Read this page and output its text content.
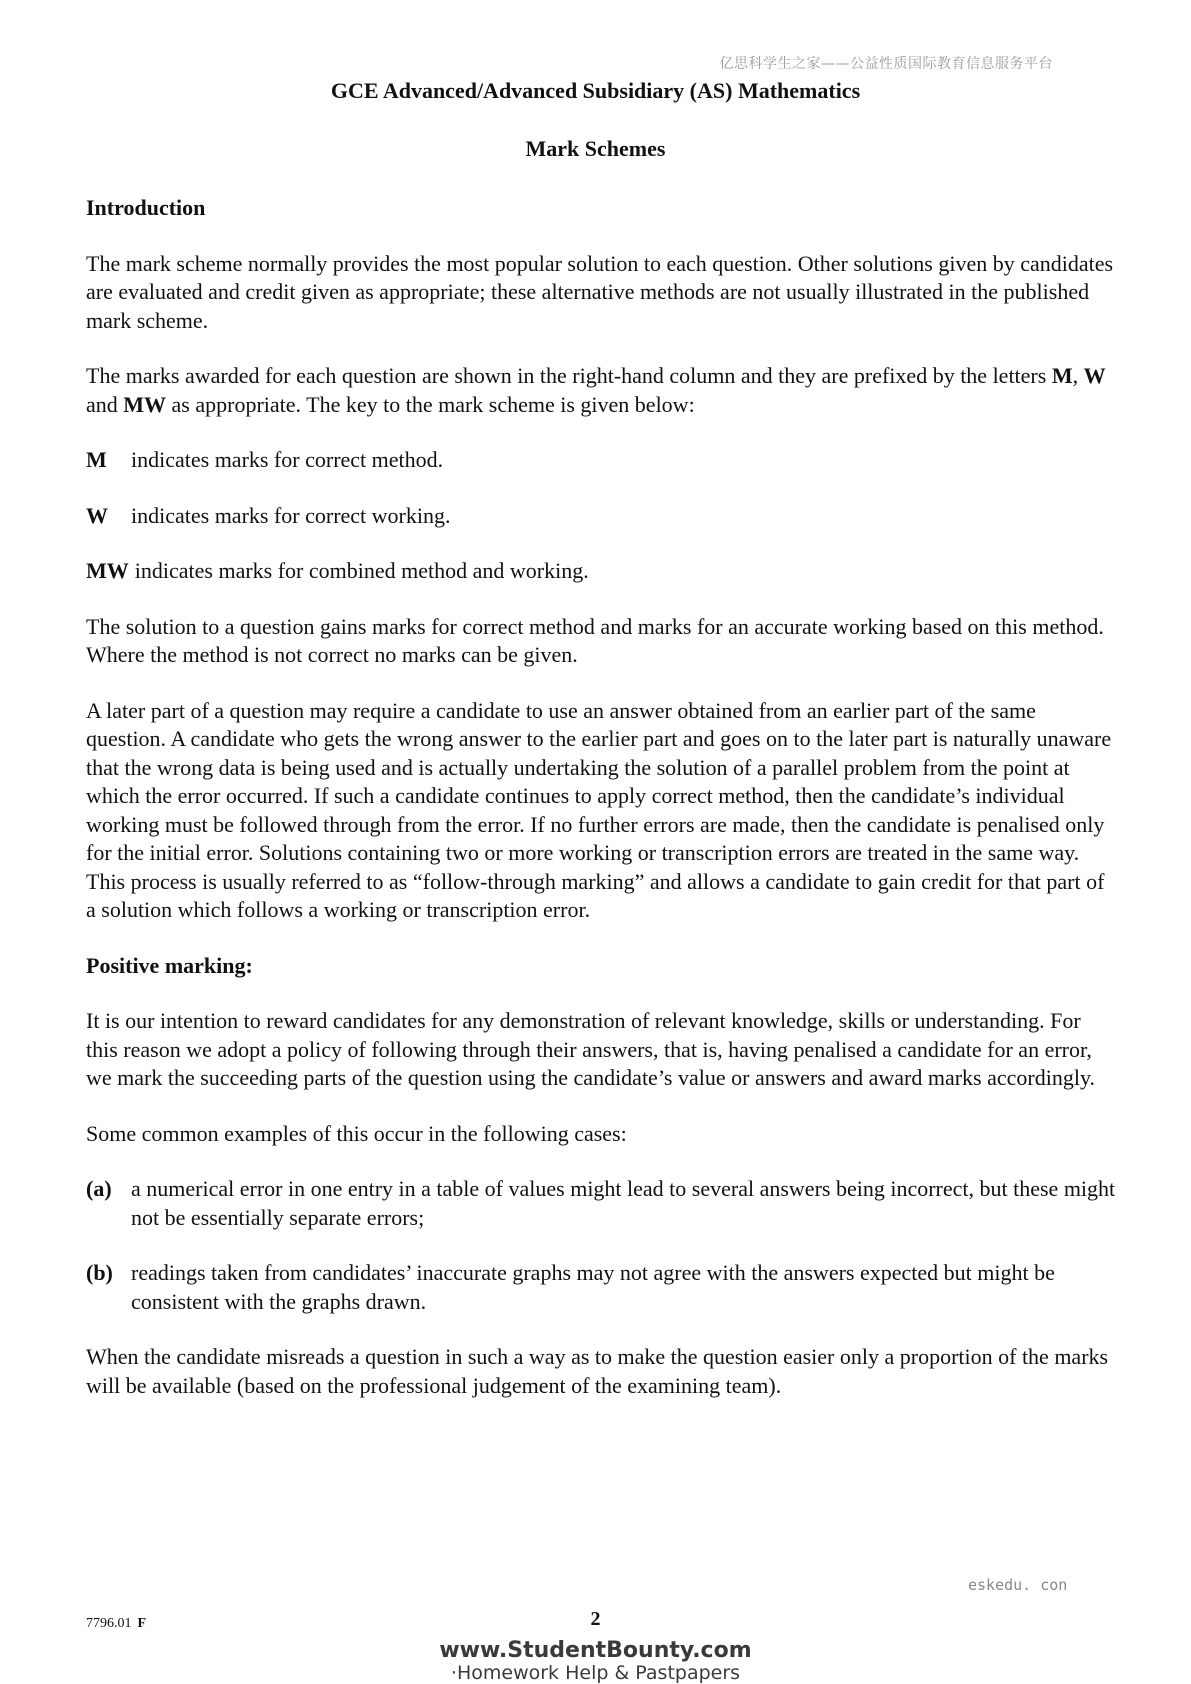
亿思科学生之家——公益性质国际教育信息服务平台
GCE Advanced/Advanced Subsidiary (AS) Mathematics
Mark Schemes

Introduction

The mark scheme normally provides the most popular solution to each question. Other solutions given by candidates are evaluated and credit given as appropriate; these alternative methods are not usually illustrated in the published mark scheme.

The marks awarded for each question are shown in the right-hand column and they are prefixed by the letters M, W and MW as appropriate. The key to the mark scheme is given below:

M	indicates marks for correct method.
W	indicates marks for correct working.

MW indicates marks for combined method and working.

The solution to a question gains marks for correct method and marks for an accurate working based on this method. Where the method is not correct no marks can be given.

A later part of a question may require a candidate to use an answer obtained from an earlier part of the same question. A candidate who gets the wrong answer to the earlier part and goes on to the later part is naturally unaware that the wrong data is being used and is actually undertaking the solution of a parallel problem from the point at which the error occurred. If such a candidate continues to apply correct method, then the candidate’s individual working must be followed through from the error. If no further errors are made, then the candidate is penalised only for the initial error. Solutions containing two or more working or transcription errors are treated in the same way. This process is usually referred to as “follow-through marking” and allows a candidate to gain credit for that part of a solution which follows a working or transcription error.

Positive marking:

It is our intention to reward candidates for any demonstration of relevant knowledge, skills or understanding. For this reason we adopt a policy of following through their answers, that is, having penalised a candidate for an error, we mark the succeeding parts of the question using the candidate’s value or answers and award marks accordingly.

Some common examples of this occur in the following cases:

(a) a numerical error in one entry in a table of values might lead to several answers being incorrect, but these might not be essentially separate errors;
(b) readings taken from candidates’ inaccurate graphs may not agree with the answers expected but might be consistent with the graphs drawn.

When the candidate misreads a question in such a way as to make the question easier only a proportion of the marks will be available (based on the professional judgement of the examining team).

eskedu. con
7796.01 F	2
www.StudentBounty.com
·Homework Help & Pastpapers
